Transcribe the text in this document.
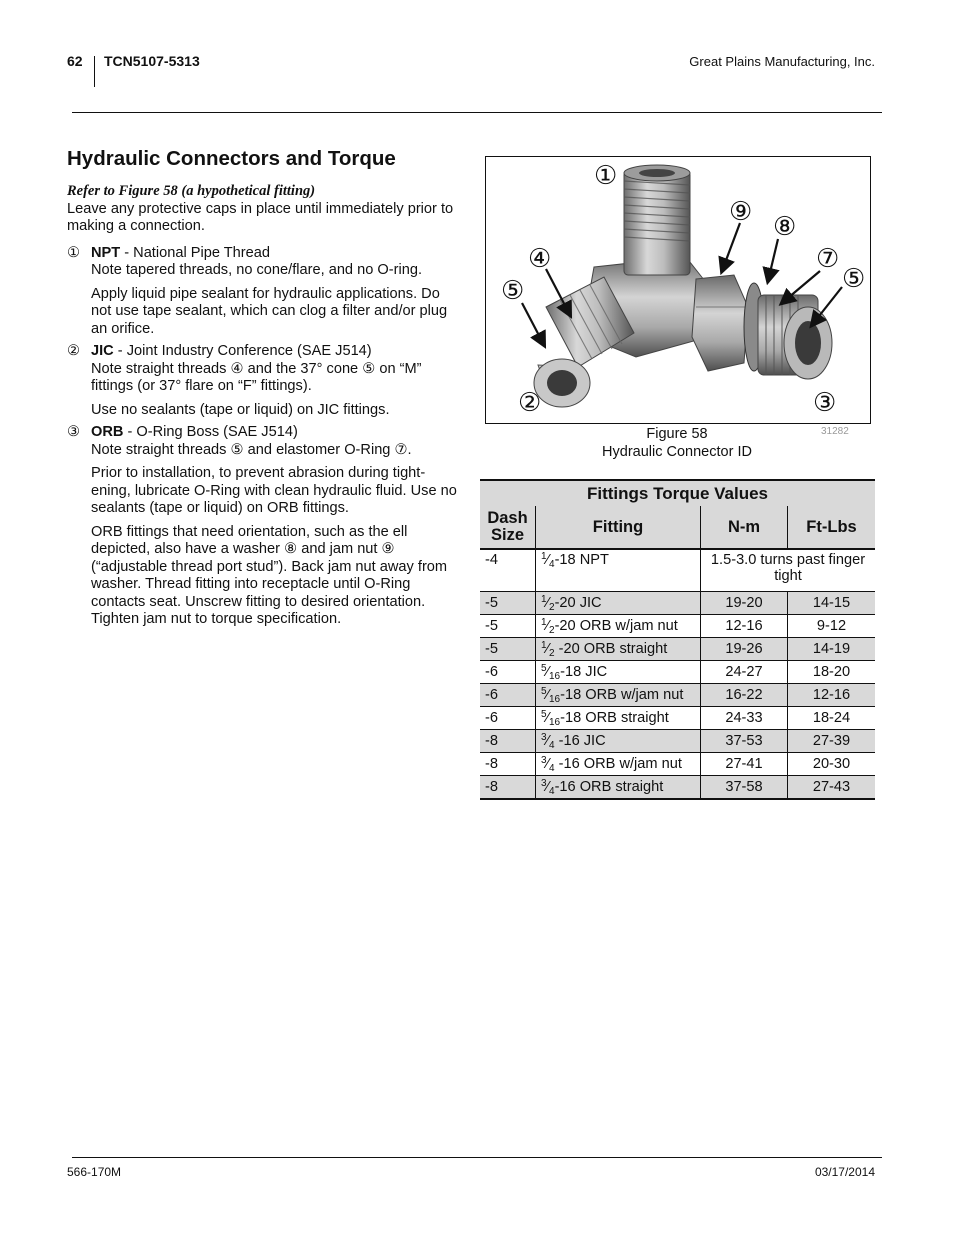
62 TCN5107-5313	Great Plains Manufacturing, Inc.
Hydraulic Connectors and Torque

Refer to Figure 58 (a hypothetical fitting)

Leave any protective caps in place until immediately prior to making a connection.

① NPT - National Pipe Thread

Note tapered threads, no cone/flare, and no O-ring.

Apply liquid pipe sealant for hydraulic applications. Do not use tape sealant, which can clog a filter and/or plug an orifice.

② JIC - Joint Industry Conference (SAE J514)

Note straight threads ④ and the 37° cone ⑤ on “M” fittings (or 37° flare on “F” fittings).

Use no sealants (tape or liquid) on JIC fittings.

③ ORB - O-Ring Boss (SAE J514)

Note straight threads ⑤ and elastomer O-Ring ⑦.

Prior to installation, to prevent abrasion during tight-ening, lubricate O-Ring with clean hydraulic fluid. Use no sealants (tape or liquid) on ORB fittings.

ORB fittings that need orientation, such as the ell depicted, also have a washer ⑧ and jam nut ⑨ (“adjustable thread port stud”). Back jam nut away from washer. Thread fitting into receptacle until O-Ring contacts seat. Unscrew fitting to desired orientation. Tighten jam nut to torque specification.

①
②	③
④
⑤	⑤
⑦
⑧
⑨
Figure 58
Hydraulic Connector ID
31282
Fittings Torque Values			

Dash
Size	Fitting	N-m	Ft-Lbs
-4	$^1⁄_4-18$ NPT	1.5-3.0 turns past finger tight	
-5	$^1⁄_2-20$ JIC	19-20	14-15
-5	$^1⁄_2-20$ ORB w/jam nut	12-16	9-12
-5	$^1⁄_2$ -20 ORB straight	19-26	14-19
-6	$^5⁄_{16}-18$ JIC	24-27	18-20
-6	$^5⁄_{16}-18$ ORB w/jam nut	16-22	12-16
-6	$^5⁄_{16}-18$ ORB straight	24-33	18-24
-8	$^3⁄_4$ -16 JIC	37-53	27-39
-8	$^3⁄_4$ -16 ORB w/jam nut	27-41	20-30
-8	$^3⁄_4-16$ ORB straight	37-58	27-43
566-170M	03/17/2014
